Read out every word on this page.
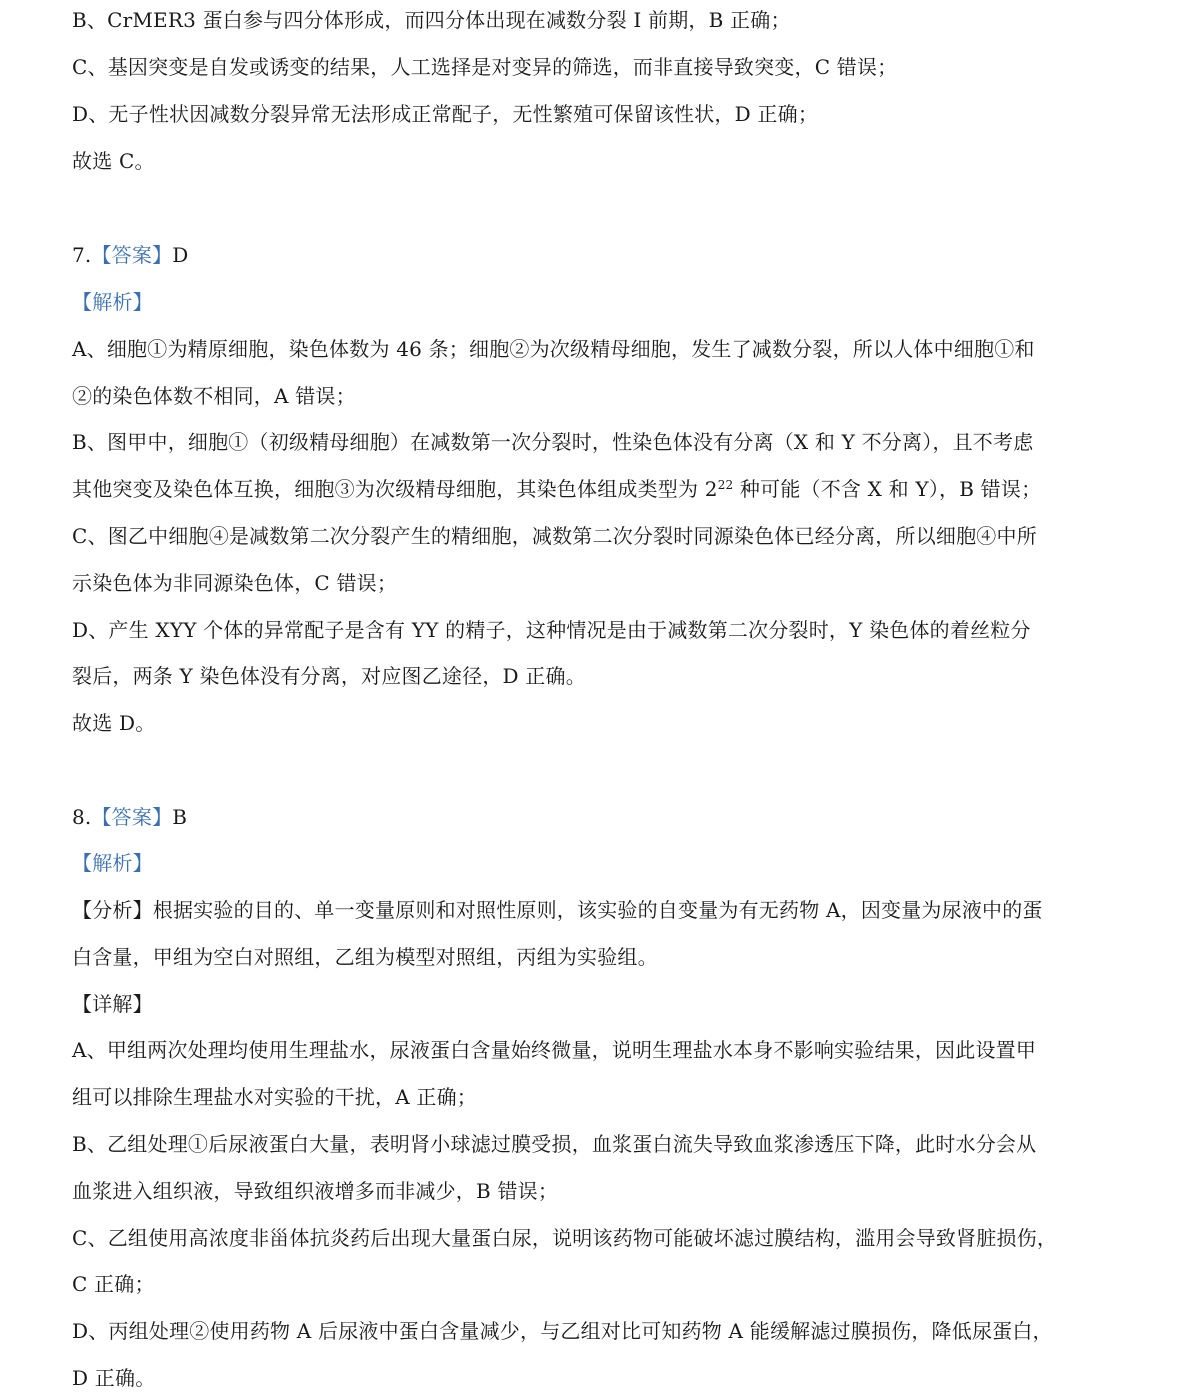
B、CrMER3 蛋白参与四分体形成，而四分体出现在减数分裂 I 前期，B 正确；
C、基因突变是自发或诱变的结果，人工选择是对变异的筛选，而非直接导致突变，C 错误；
D、无子性状因减数分裂异常无法形成正常配子，无性繁殖可保留该性状，D 正确；
故选 C。
7.【答案】D
【解析】
A、细胞①为精原细胞，染色体数为 46 条；细胞②为次级精母细胞，发生了减数分裂，所以人体中细胞①和
②的染色体数不相同，A 错误；
B、图甲中，细胞①（初级精母细胞）在减数第一次分裂时，性染色体没有分离（X 和 Y 不分离），且不考虑
其他突变及染色体互换，细胞③为次级精母细胞，其染色体组成类型为 $2^{22}$ 种可能（不含 X 和 Y），B 错误；
C、图乙中细胞④是减数第二次分裂产生的精细胞，减数第二次分裂时同源染色体已经分离，所以细胞④中所
示染色体为非同源染色体，C 错误；
D、产生 XYY 个体的异常配子是含有 YY 的精子，这种情况是由于减数第二次分裂时，Y 染色体的着丝粒分
裂后，两条 Y 染色体没有分离，对应图乙途径，D 正确。
故选 D。
8.【答案】B
【解析】
【分析】根据实验的目的、单一变量原则和对照性原则，该实验的自变量为有无药物 A，因变量为尿液中的蛋
白含量，甲组为空白对照组，乙组为模型对照组，丙组为实验组。
【详解】
A、甲组两次处理均使用生理盐水，尿液蛋白含量始终微量，说明生理盐水本身不影响实验结果，因此设置甲
组可以排除生理盐水对实验的干扰，A 正确；
B、乙组处理①后尿液蛋白大量，表明肾小球滤过膜受损，血浆蛋白流失导致血浆渗透压下降，此时水分会从
血浆进入组织液，导致组织液增多而非减少，B 错误；
C、乙组使用高浓度非甾体抗炎药后出现大量蛋白尿，说明该药物可能破坏滤过膜结构，滥用会导致肾脏损伤，
C 正确；
D、丙组处理②使用药物 A 后尿液中蛋白含量减少，与乙组对比可知药物 A 能缓解滤过膜损伤，降低尿蛋白，
D 正确。
